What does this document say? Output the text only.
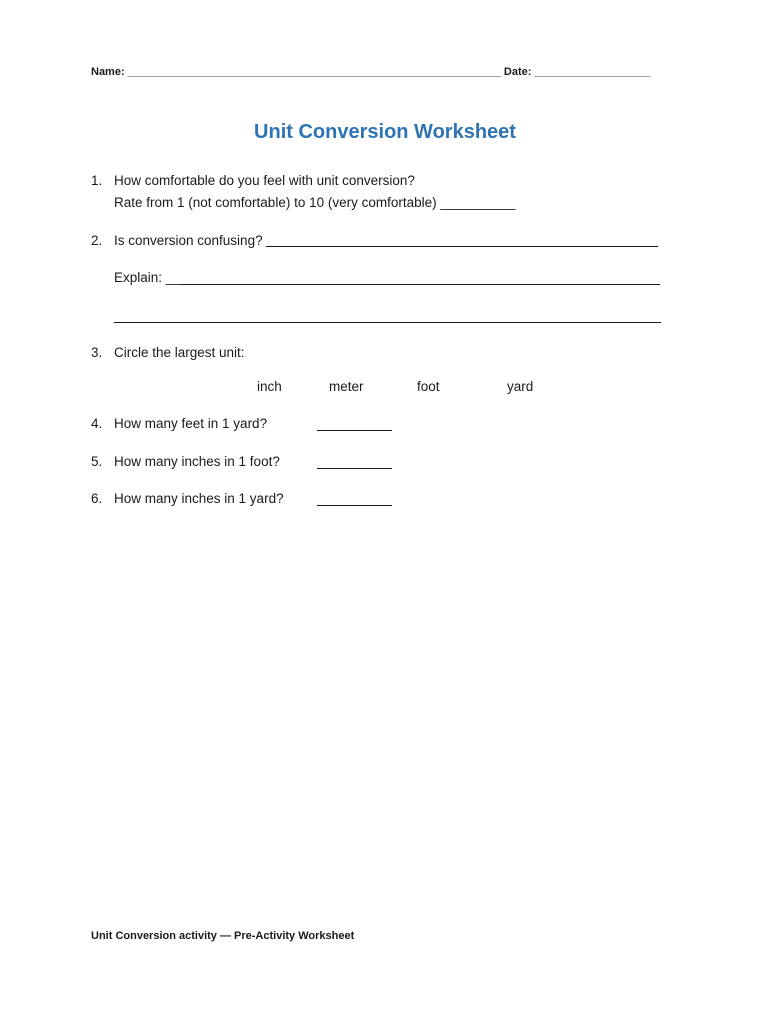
Name: _____________________________________________________________ Date: ___________________
Unit Conversion Worksheet
1. How comfortable do you feel with unit conversion?
Rate from 1 (not comfortable) to 10 (very comfortable) __________
2. Is conversion confusing?
Explain: __
3. Circle the largest unit:
inch	meter	foot	yard
4. How many feet in 1 yard?
5. How many inches in 1 foot?
6. How many inches in 1 yard?
Unit Conversion activity — Pre-Activity Worksheet
